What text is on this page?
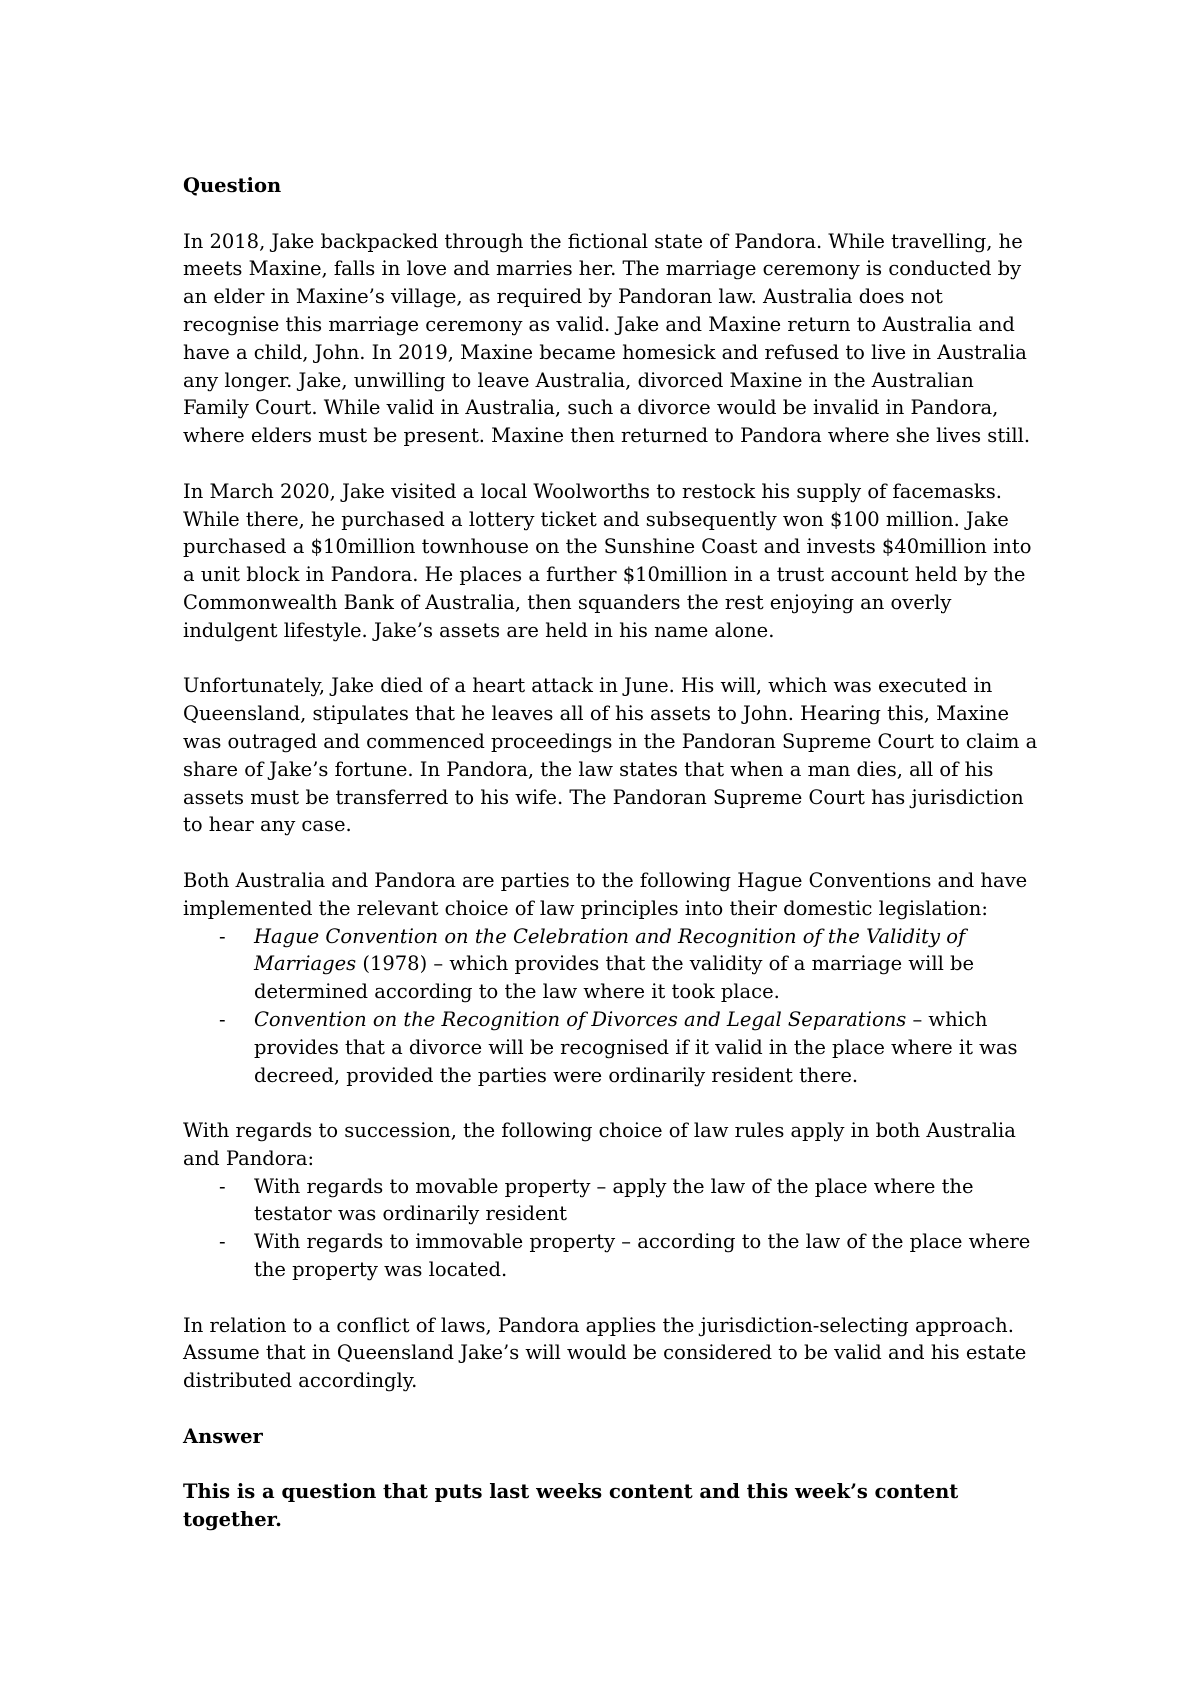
Question

In 2018, Jake backpacked through the fictional state of Pandora. While travelling, he meets Maxine, falls in love and marries her. The marriage ceremony is conducted by an elder in Maxine’s village, as required by Pandoran law. Australia does not recognise this marriage ceremony as valid. Jake and Maxine return to Australia and have a child, John. In 2019, Maxine became homesick and refused to live in Australia any longer. Jake, unwilling to leave Australia, divorced Maxine in the Australian Family Court. While valid in Australia, such a divorce would be invalid in Pandora, where elders must be present. Maxine then returned to Pandora where she lives still.

In March 2020, Jake visited a local Woolworths to restock his supply of facemasks. While there, he purchased a lottery ticket and subsequently won $100 million. Jake purchased a $10million townhouse on the Sunshine Coast and invests $40million into a unit block in Pandora. He places a further $10million in a trust account held by the Commonwealth Bank of Australia, then squanders the rest enjoying an overly indulgent lifestyle. Jake’s assets are held in his name alone.

Unfortunately, Jake died of a heart attack in June. His will, which was executed in Queensland, stipulates that he leaves all of his assets to John. Hearing this, Maxine was outraged and commenced proceedings in the Pandoran Supreme Court to claim a share of Jake’s fortune. In Pandora, the law states that when a man dies, all of his assets must be transferred to his wife. The Pandoran Supreme Court has jurisdiction to hear any case.

Both Australia and Pandora are parties to the following Hague Conventions and have implemented the relevant choice of law principles into their domestic legislation:

- Hague Convention on the Celebration and Recognition of the Validity of Marriages (1978) – which provides that the validity of a marriage will be determined according to the law where it took place.
- Convention on the Recognition of Divorces and Legal Separations – which provides that a divorce will be recognised if it valid in the place where it was decreed, provided the parties were ordinarily resident there.

With regards to succession, the following choice of law rules apply in both Australia and Pandora:

- With regards to movable property – apply the law of the place where the testator was ordinarily resident
- With regards to immovable property – according to the law of the place where the property was located.

In relation to a conflict of laws, Pandora applies the jurisdiction-selecting approach. Assume that in Queensland Jake’s will would be considered to be valid and his estate distributed accordingly.

Answer

This is a question that puts last weeks content and this week’s content together.
